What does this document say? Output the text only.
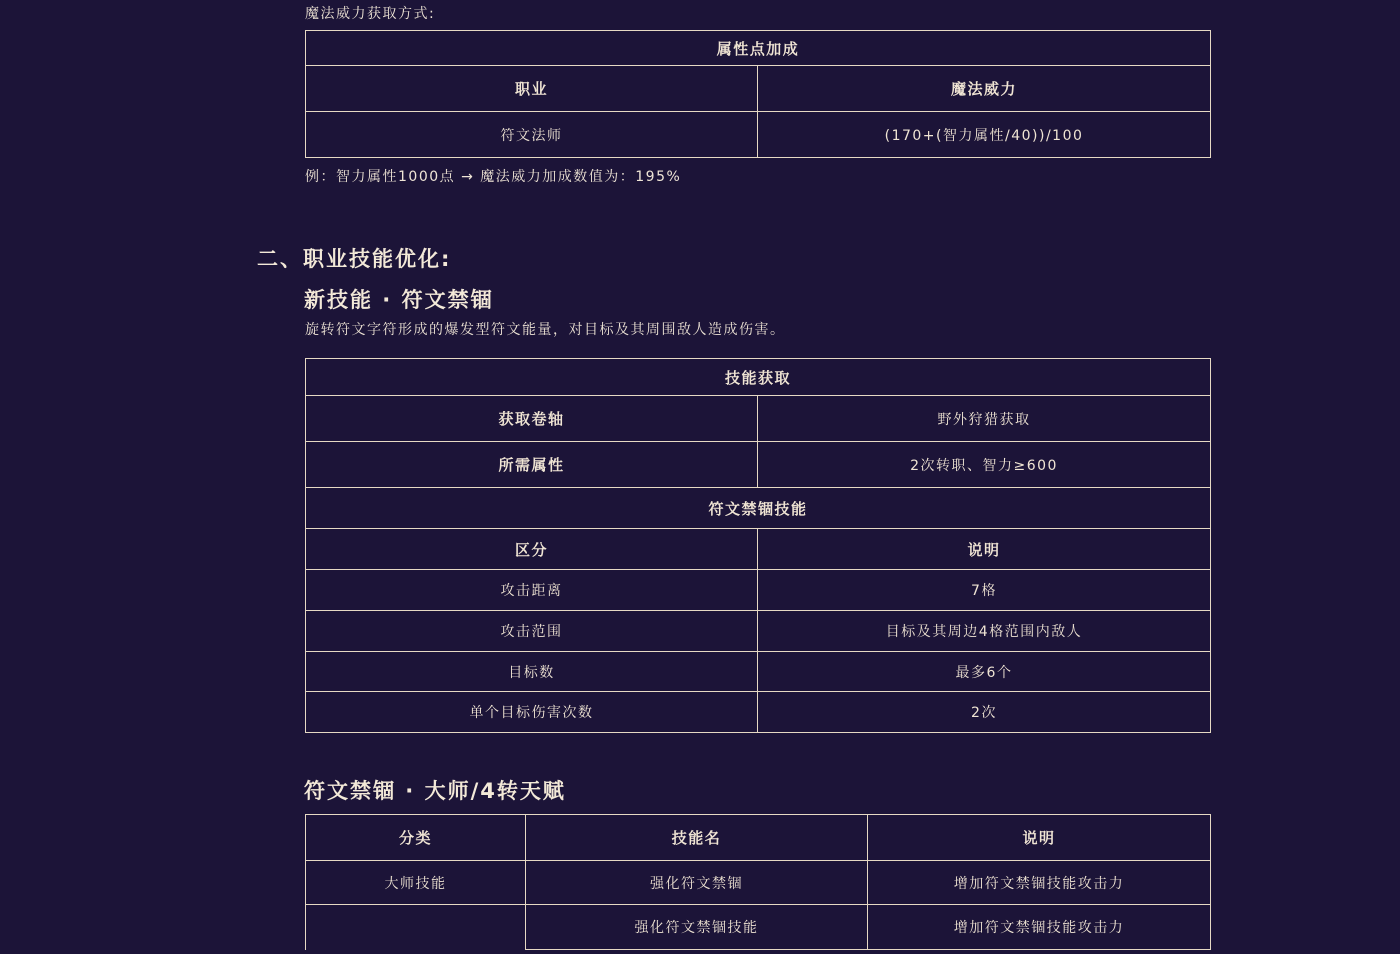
魔法威力获取方式:
属性点加成	
职业	魔法威力
符文法师	(170+(智力属性/40))/100
例：智力属性1000点 → 魔法威力加成数值为：195%
二、职业技能优化:
新技能 · 符文禁锢
旋转符文字符形成的爆发型符文能量，对目标及其周围敌人造成伤害。
技能获取	
获取卷轴	野外狩猎获取
所需属性	2次转职、智力≥600
符文禁锢技能	
区分	说明
攻击距离	7格
攻击范围	目标及其周边4格范围内敌人
目标数	最多6个
单个目标伤害次数	2次
符文禁锢 · 大师/4转天赋
分类	技能名	说明
大师技能	强化符文禁锢	增加符文禁锢技能攻击力
	强化符文禁锢技能	增加符文禁锢技能攻击力
